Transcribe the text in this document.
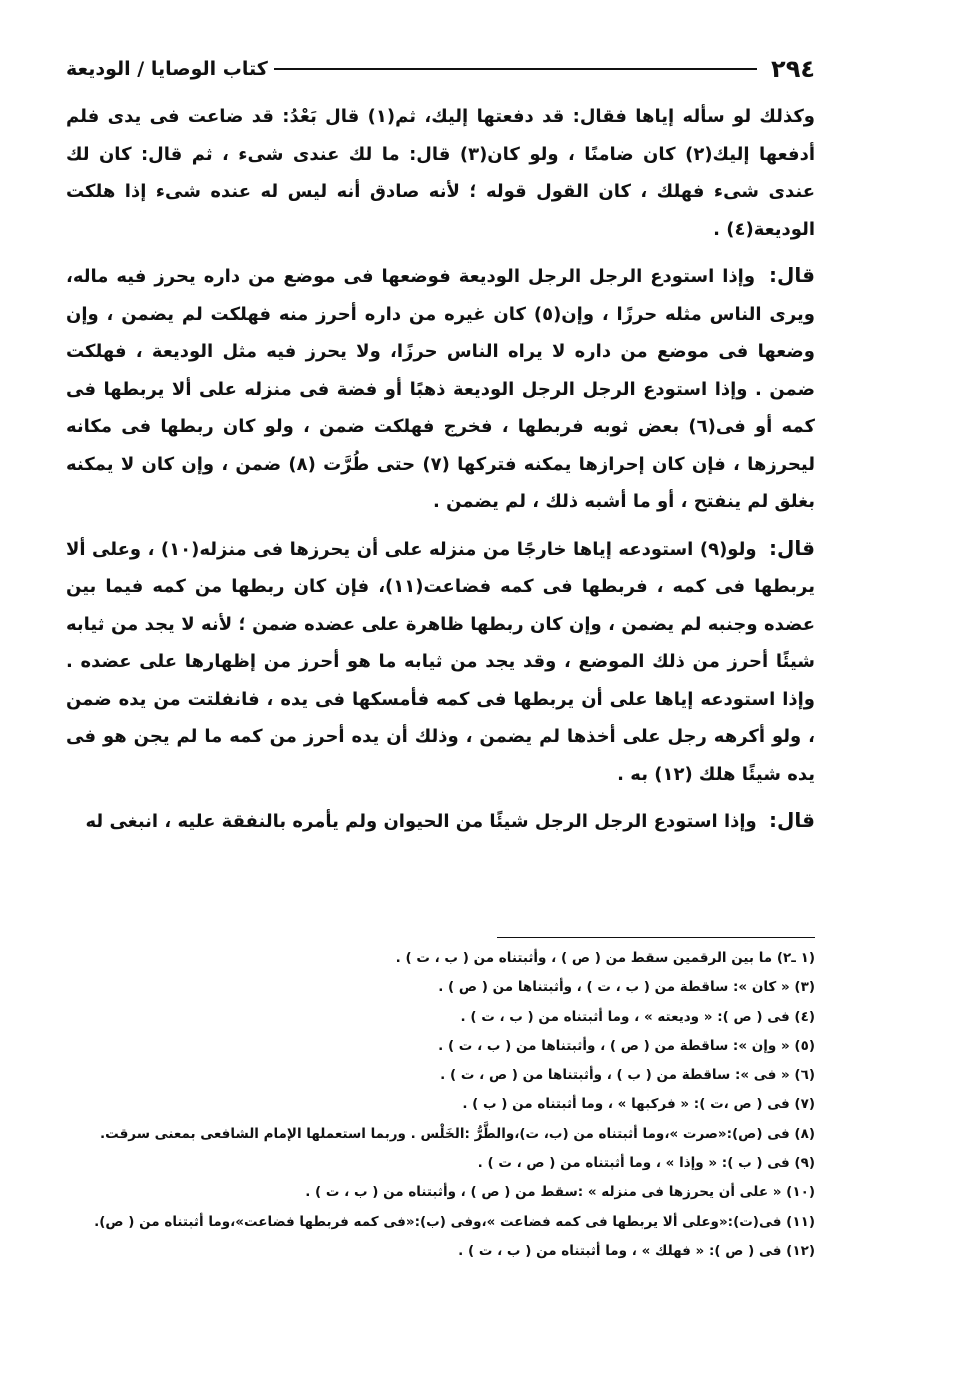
٢٩٤
كتاب الوصايا / الوديعة

وكذلك لو سأله إياها فقال: قد دفعتها إليك، ثم(١) قال بَعْدُ: قد ضاعت فى يدى فلم أدفعها إليك(٢) كان ضامنًا ، ولو كان(٣) قال: ما لك عندى شىء ، ثم قال: كان لك عندى شىء فهلك ، كان القول قوله ؛ لأنه صادق أنه ليس له عنده شىء إذا هلكت الوديعة(٤) .

قال: وإذا استودع الرجل الرجل الوديعة فوضعها فى موضع من داره يحرز فيه ماله، ويرى الناس مثله حرزًا ، وإن(٥) كان غيره من داره أحرز منه فهلكت لم يضمن ، وإن وضعها فى موضع من داره لا يراه الناس حرزًا، ولا يحرز فيه مثل الوديعة ، فهلكت ضمن . وإذا استودع الرجل الرجل الوديعة ذهبًا أو فضة فى منزله على ألا يربطها فى كمه أو فى(٦) بعض ثوبه فربطها ، فخرج فهلكت ضمن ، ولو كان ربطها فى مكانه ليحرزها ، فإن كان إحرازها يمكنه فتركها (٧) حتى طُرَّت (٨) ضمن ، وإن كان لا يمكنه بغلق لم ينفتح ، أو ما أشبه ذلك ، لم يضمن .

قال: ولو(٩) استودعه إياها خارجًا من منزله على أن يحرزها فى منزله(١٠) ، وعلى ألا يربطها فى كمه ، فربطها فى كمه فضاعت(١١)، فإن كان ربطها من كمه فيما بين عضده وجنبه لم يضمن ، وإن كان ربطها ظاهرة على عضده ضمن ؛ لأنه لا يجد من ثيابه شيئًا أحرز من ذلك الموضع ، وقد يجد من ثيابه ما هو أحرز من إظهارها على عضده . وإذا استودعه إياها على أن يربطها فى كمه فأمسكها فى يده ، فانفلتت من يده ضمن ، ولو أكرهه رجل على أخذها لم يضمن ، وذلك أن يده أحرز من كمه ما لم يجن هو فى يده شيئًا هلك (١٢) به .

قال: وإذا استودع الرجل الرجل شيئًا من الحيوان ولم يأمره بالنفقة عليه ، انبغى له

(١ ـ٢) ما بين الرقمين سقط من ( ص ) ، وأثبتناه من ( ب ، ت ) .
(٣) « كان »: ساقطة من ( ب ، ت ) ، وأثبتناها من ( ص ) .
(٤) فى ( ص ): « وديعته » ، وما أثبتناه من ( ب ، ت ) .
(٥) « وإن »: ساقطة من ( ص ) ، وأثبتناها من ( ب ، ت ) .
(٦) « فى »: ساقطة من ( ب ) ، وأثبتناها من ( ص ، ت ) .
(٧) فى ( ص ،ت ): « فركبها » ، وما أثبتناه من ( ب ) .
(٨) فى (ص):«صرت »،وما أثبتناه من (ب، ت)،والطَّرُّ :الخَلْس . وربما استعملها الإمام الشافعى بمعنى سرقت.
(٩) فى ( ب ): « وإذا » ، وما أثبتناه من ( ص ، ت ) .
(١٠) « على أن يحرزها فى منزله » :سقط من ( ص ) ، وأثبتناه من ( ب ، ت ) .
(١١) فى(ت):«وعلى ألا يربطها فى كمه فضاعت »،وفى (ب):«فى كمه فربطها فضاعت»،وما أثبتناه من ( ص).
(١٢) فى ( ص ): « فهلك » ، وما أثبتناه من ( ب ، ت ) .
